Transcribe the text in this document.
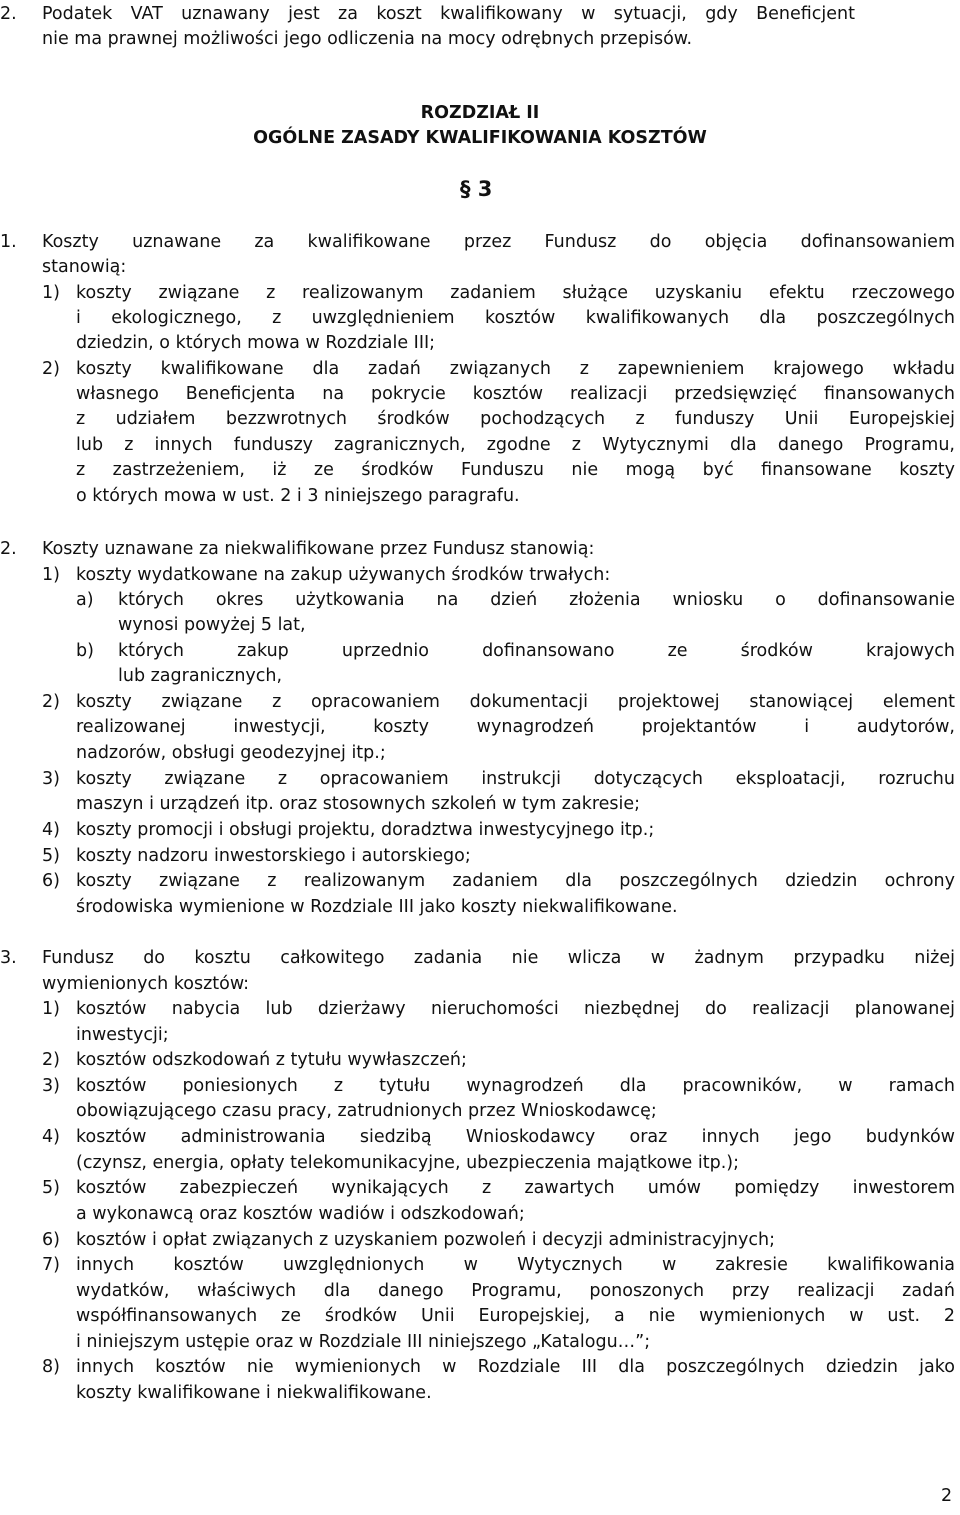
2. Podatek VAT uznawany jest za koszt kwalifikowany w sytuacji, gdy Beneficjent
nie ma prawnej możliwości jego odliczenia na mocy odrębnych przepisów.
ROZDZIAŁ II
OGÓLNE ZASADY KWALIFIKOWANIA KOSZTÓW
§ 3
1. Koszty uznawane za kwalifikowane przez Fundusz do objęcia dofinansowaniem
stanowią:
1) koszty związane z realizowanym zadaniem służące uzyskaniu efektu rzeczowego
i ekologicznego, z uwzględnieniem kosztów kwalifikowanych dla poszczególnych
dziedzin, o których mowa w Rozdziale III;
2) koszty kwalifikowane dla zadań związanych z zapewnieniem krajowego wkładu
własnego Beneficjenta na pokrycie kosztów realizacji przedsięwzięć finansowanych
z udziałem bezzwrotnych środków pochodzących z funduszy Unii Europejskiej
lub z innych funduszy zagranicznych, zgodne z Wytycznymi dla danego Programu,
z zastrzeżeniem, iż ze środków Funduszu nie mogą być finansowane koszty
o których mowa w ust. 2 i 3 niniejszego paragrafu.
2. Koszty uznawane za niekwalifikowane przez Fundusz stanowią:
1) koszty wydatkowane na zakup używanych środków trwałych:
a) których okres użytkowania na dzień złożenia wniosku o dofinansowanie
wynosi powyżej 5 lat,
b) których zakup uprzednio dofinansowano ze środków krajowych
lub zagranicznych,
2) koszty związane z opracowaniem dokumentacji projektowej stanowiącej element
realizowanej inwestycji, koszty wynagrodzeń projektantów i audytorów,
nadzorów, obsługi geodezyjnej itp.;
3) koszty związane z opracowaniem instrukcji dotyczących eksploatacji, rozruchu
maszyn i urządzeń itp. oraz stosownych szkoleń w tym zakresie;
4) koszty promocji i obsługi projektu, doradztwa inwestycyjnego itp.;
5) koszty nadzoru inwestorskiego i autorskiego;
6) koszty związane z realizowanym zadaniem dla poszczególnych dziedzin ochrony
środowiska wymienione w Rozdziale III jako koszty niekwalifikowane.
3. Fundusz do kosztu całkowitego zadania nie wlicza w żadnym przypadku niżej
wymienionych kosztów:
1) kosztów nabycia lub dzierżawy nieruchomości niezbędnej do realizacji planowanej
inwestycji;
2) kosztów odszkodowań z tytułu wywłaszczeń;
3) kosztów poniesionych z tytułu wynagrodzeń dla pracowników, w ramach
obowiązującego czasu pracy, zatrudnionych przez Wnioskodawcę;
4) kosztów administrowania siedzibą Wnioskodawcy oraz innych jego budynków
(czynsz, energia, opłaty telekomunikacyjne, ubezpieczenia majątkowe itp.);
5) kosztów zabezpieczeń wynikających z zawartych umów pomiędzy inwestorem
a wykonawcą oraz kosztów wadiów i odszkodowań;
6) kosztów i opłat związanych z uzyskaniem pozwoleń i decyzji administracyjnych;
7) innych kosztów uwzględnionych w Wytycznych w zakresie kwalifikowania
wydatków, właściwych dla danego Programu, ponoszonych przy realizacji zadań
współfinansowanych ze środków Unii Europejskiej, a nie wymienionych w ust. 2
i niniejszym ustępie oraz w Rozdziale III niniejszego „Katalogu…”;
8) innych kosztów nie wymienionych w Rozdziale III dla poszczególnych dziedzin jako
koszty kwalifikowane i niekwalifikowane.
2
